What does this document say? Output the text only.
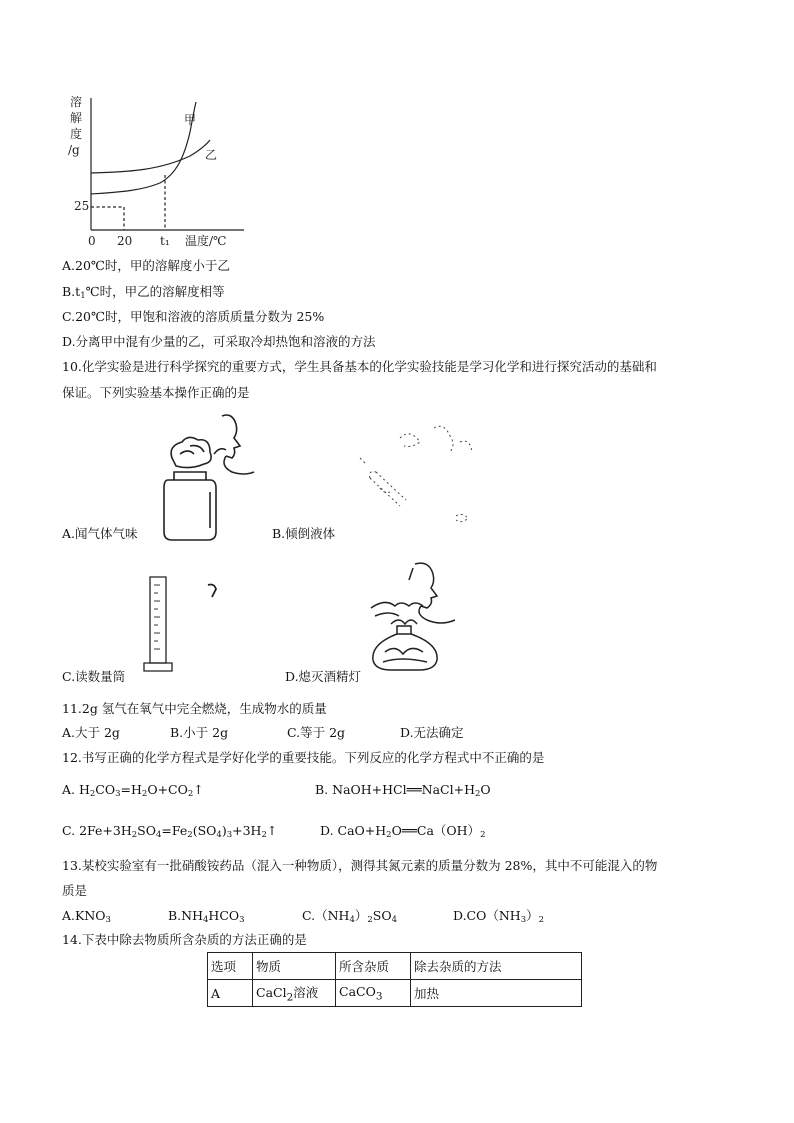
溶
解
度
/g
甲
乙
25
0 20 t₁ 温度/℃
A.20℃时，甲的溶解度小于乙
$B.t_1℃$时，甲乙的溶解度相等
C.20℃时，甲饱和溶液的溶质质量分数为 25%
D.分离甲中混有少量的乙，可采取冷却热饱和溶液的方法
10.化学实验是进行科学探究的重要方式，学生具备基本的化学实验技能是学习化学和进行探究活动的基础和
保证。下列实验基本操作正确的是
A.闻气体气味	B.倾倒液体
C.读数量筒	D.熄灭酒精灯
11.2g 氢气在氧气中完全燃烧，生成物水的质量
A.大于 2g	B.小于 2g	C.等于 2g	D.无法确定
12.书写正确的化学方程式是学好化学的重要技能。下列反应的化学方程式中不正确的是
A. $H_2CO_3=H_2O+CO_2↑$	B. $NaOH+HCl══NaCl+H_2O$
C. $2Fe+3H_2SO_4=Fe_2(SO_4)_3+3H_2↑$	D. $CaO+H_2O══Ca(OH)_2$
13.某校实验室有一批硝酸铵药品（混入一种物质），测得其氮元素的质量分数为 28%，其中不可能混入的物
质是
$A.KNO_3$	$B.NH_4HCO_3$	$C.(NH_4)_2SO_4$	$D.CO(NH_3)_2$
14.下表中除去物质所含杂质的方法正确的是
选项	物质	所含杂质	除去杂质的方法
A	CaCl$_2$溶液	CaCO$_3$	加热
